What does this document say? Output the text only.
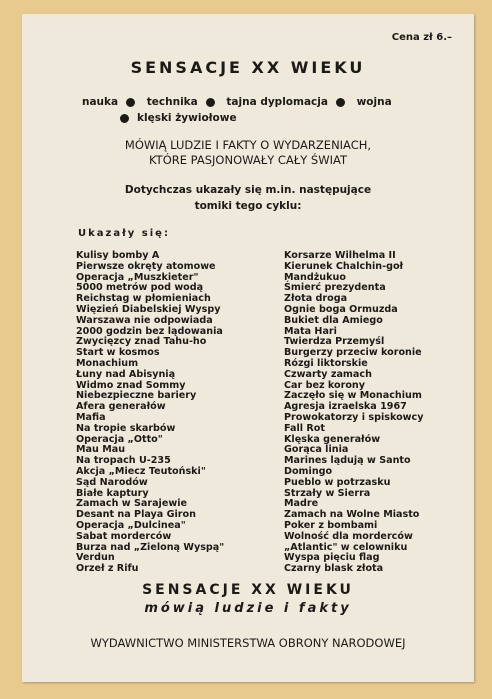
Cena zł 6.–
SENSACJE XX WIEKU
nauka	technika	tajna dyplomacja	wojna
klęski żywiołowe
MÓWIĄ LUDZIE I FAKTY O WYDARZENIACH,
KTÓRE PASJONOWAŁY CAŁY ŚWIAT
Dotychczas ukazały się m.in. następujące
tomiki tego cyklu:
Ukazały się:
Kulisy bomby A
Pierwsze okręty atomowe
Operacja „Muszkieter"
5000 metrów pod wodą
Reichstag w płomieniach
Więzień Diabelskiej Wyspy
Warszawa nie odpowiada
2000 godzin bez lądowania
Zwycięzcy znad Tahu-ho
Start w kosmos
Monachium
Łuny nad Abisynią
Widmo znad Sommy
Niebezpieczne bariery
Afera generałów
Mafia
Na tropie skarbów
Operacja „Otto"
Mau Mau
Na tropach U-235
Akcja „Miecz Teutoński"
Sąd Narodów
Białe kaptury
Zamach w Sarajewie
Desant na Playa Giron
Operacja „Dulcinea"
Sabat morderców
Burza nad „Zieloną Wyspą"
Verdun
Orzeł z Rifu
Korsarze Wilhelma II
Kierunek Chalchin-goł
Mandżukuo
Śmierć prezydenta
Złota droga
Ognie boga Ormuzda
Bukiet dla Amiego
Mata Hari
Twierdza Przemyśl
Burgerzy przeciw koronie
Rózgi liktorskie
Czwarty zamach
Car bez korony
Zaczęło się w Monachium
Agresja izraelska 1967
Prowokatorzy i spiskowcy
Fall Rot
Klęska generałów
Gorąca linia
Marines lądują w Santo
Domingo
Pueblo w potrzasku
Strzały w Sierra
Madre
Zamach na Wolne Miasto
Poker z bombami
Wolność dla morderców
„Atlantic" w celowniku
Wyspa pięciu flag
Czarny blask złota
SENSACJE XX WIEKU
mówią ludzie i fakty
WYDAWNICTWO MINISTERSTWA OBRONY NARODOWEJ
